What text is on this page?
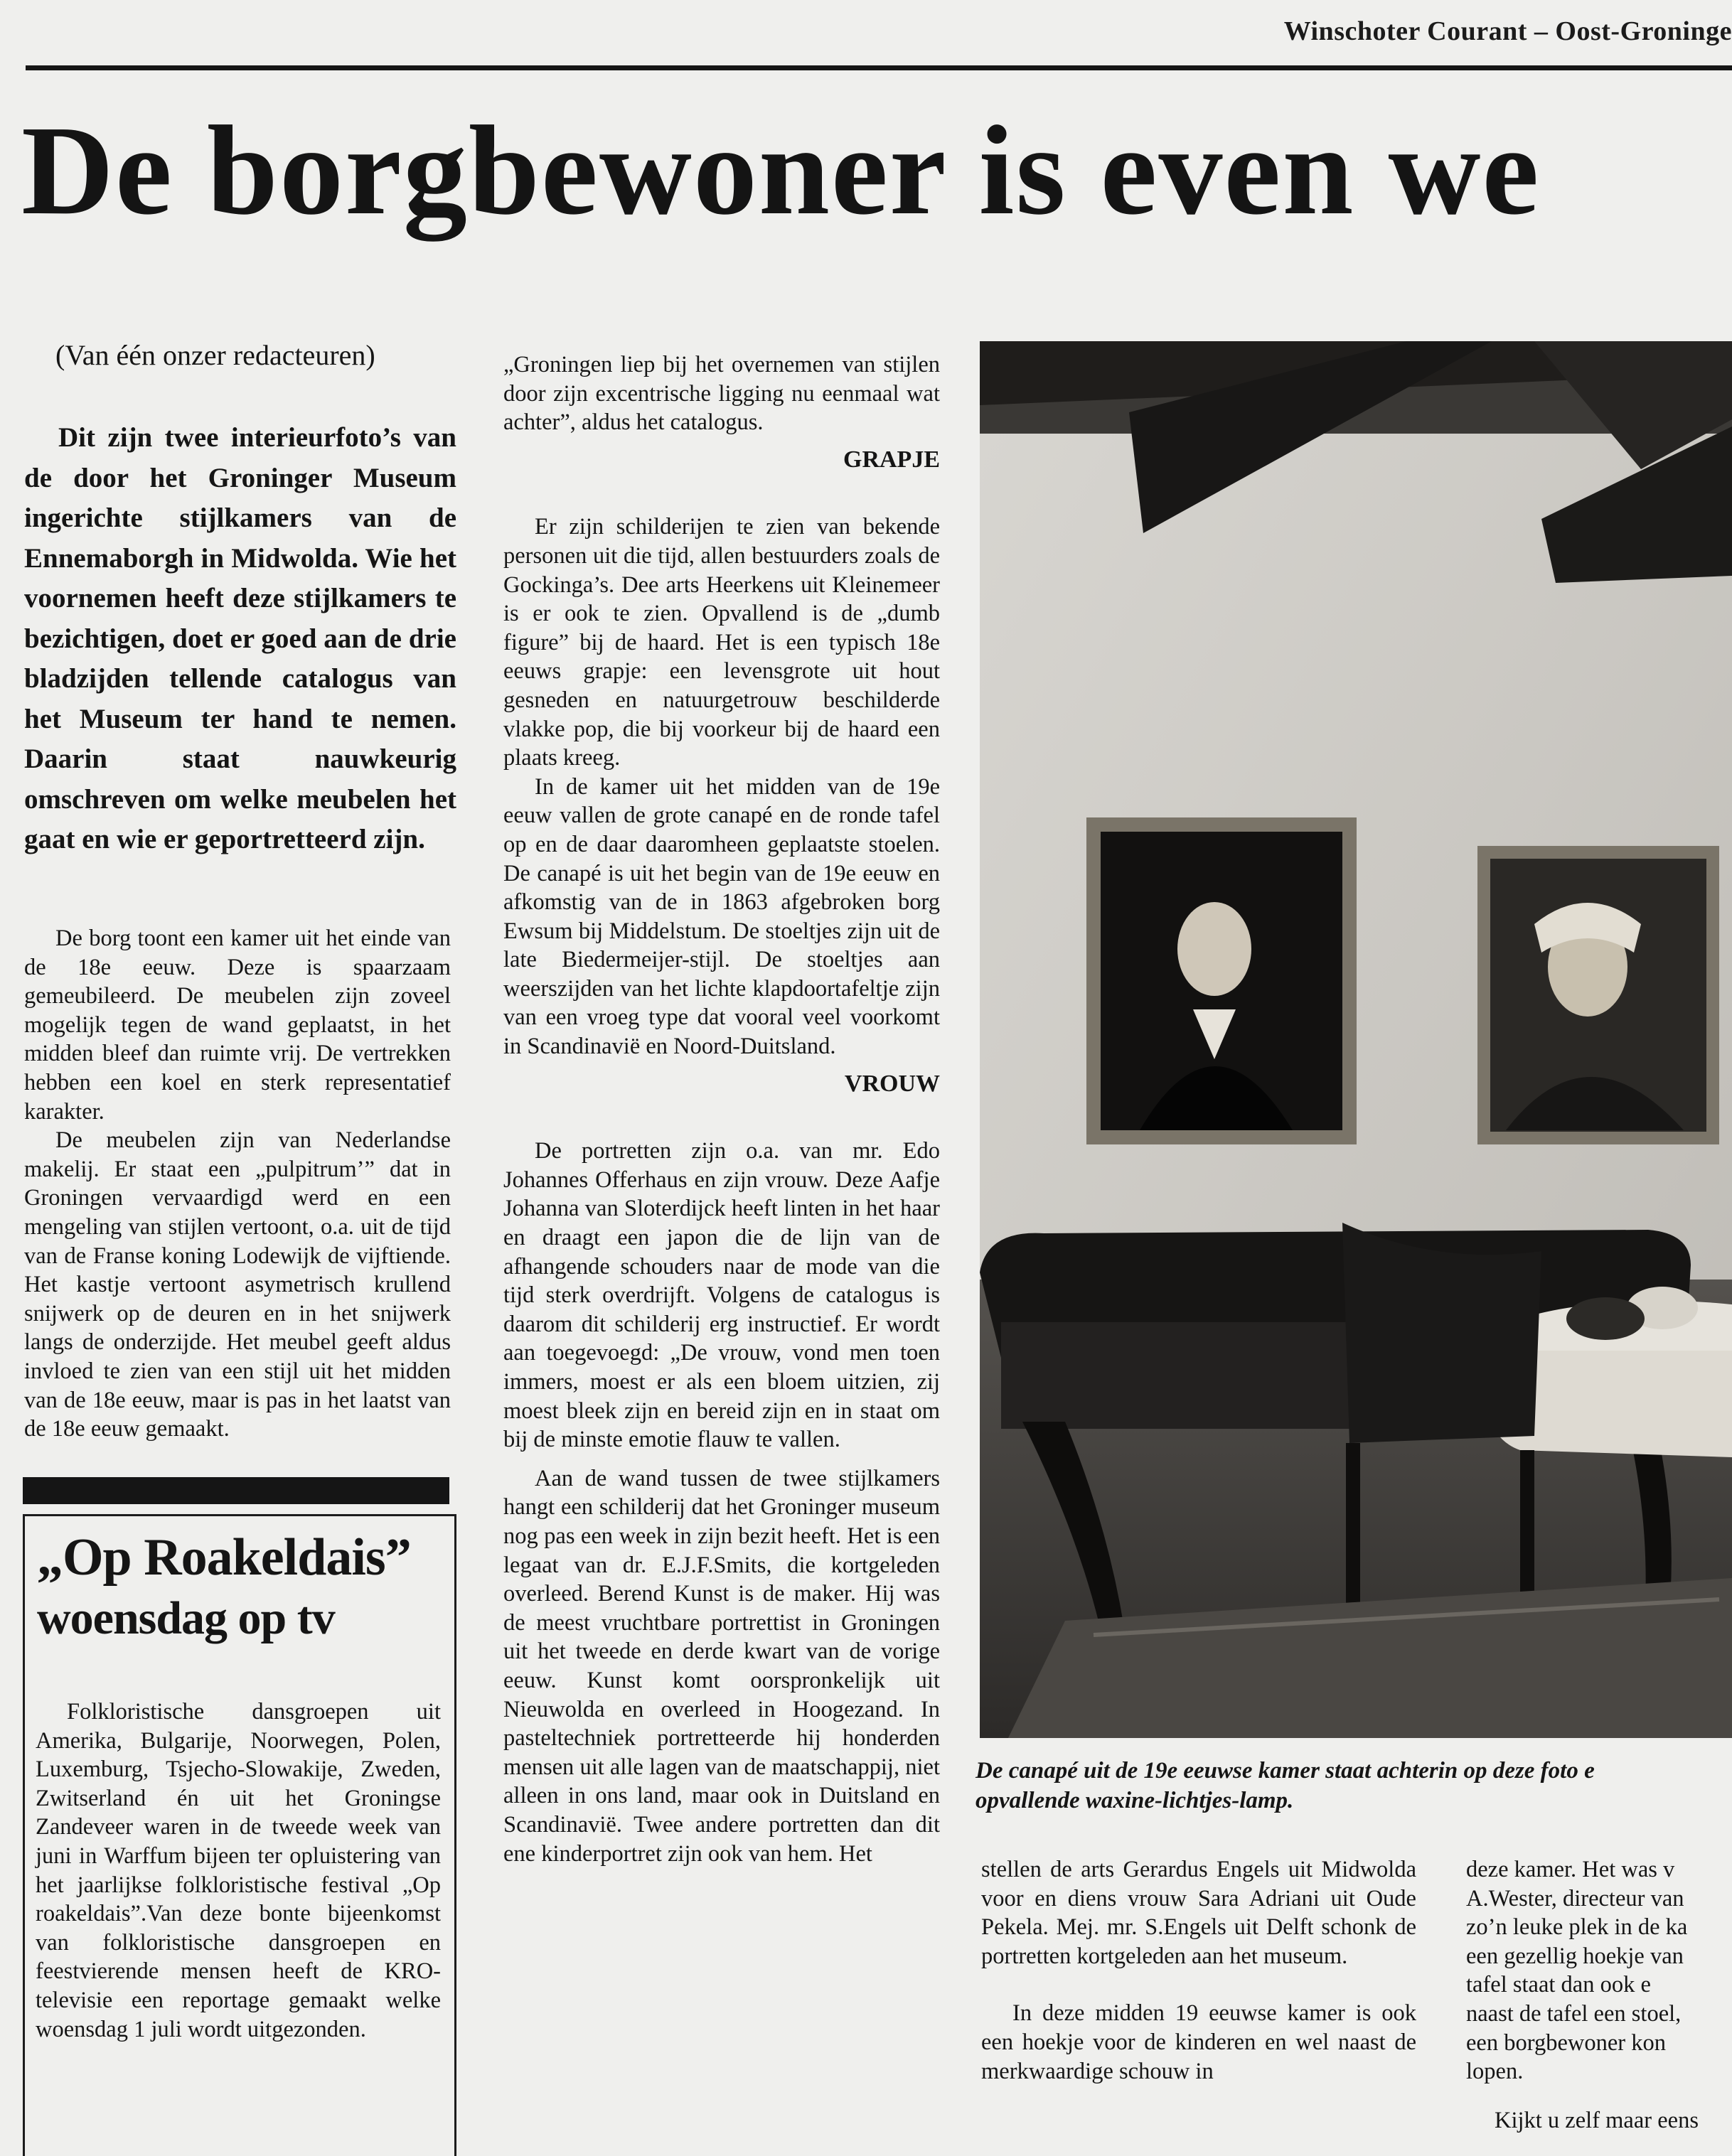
Winschoter Courant – Oost-Groninge
De borgbewoner is even we
(Van één onzer redacteuren)
Dit zijn twee interieurfoto’s van de door het Groninger Museum ingerichte stijlkamers van de Ennemaborgh in Midwolda. Wie het voornemen heeft deze stijlkamers te bezichtigen, doet er goed aan de drie bladzijden tellende catalogus van het Museum ter hand te nemen. Daarin staat nauwkeurig omschreven om welke meubelen het gaat en wie er geportretteerd zijn.

De borg toont een kamer uit het einde van de 18e eeuw. Deze is spaarzaam gemeubileerd. De meubelen zijn zoveel mogelijk tegen de wand geplaatst, in het midden bleef dan ruimte vrij. De vertrekken hebben een koel en sterk representatief karakter.

De meubelen zijn van Nederlandse makelij. Er staat een „pulpitrum’” dat in Groningen vervaardigd werd en een mengeling van stijlen vertoont, o.a. uit de tijd van de Franse koning Lodewijk de vijftiende. Het kastje vertoont asymetrisch krullend snijwerk op de deuren en in het snijwerk langs de onderzijde. Het meubel geeft aldus invloed te zien van een stijl uit het midden van de 18e eeuw, maar is pas in het laatst van de 18e eeuw gemaakt.

„Op Roakeldais”
woensdag op tv

Folkloristische dansgroepen uit Amerika, Bulgarije, Noorwegen, Polen, Luxemburg, Tsjecho-Slowakije, Zweden, Zwitserland én uit het Groningse Zandeveer waren in de tweede week van juni in Warffum bijeen ter opluistering van het jaarlijkse folkloristische festival „Op roakeldais”.Van deze bonte bijeenkomst van folkloristische dansgroepen en feestvierende mensen heeft de KRO-televisie een reportage gemaakt welke woensdag 1 juli wordt uitgezonden.

„Groningen liep bij het overnemen van stijlen door zijn excentrische ligging nu eenmaal wat achter”, aldus het catalogus.

GRAPJE

Er zijn schilderijen te zien van bekende personen uit die tijd, allen bestuurders zoals de Gockinga’s. Dee arts Heerkens uit Kleinemeer is er ook te zien. Opvallend is de „dumb figure” bij de haard. Het is een typisch 18e eeuws grapje: een levensgrote uit hout gesneden en natuurgetrouw beschilderde vlakke pop, die bij voorkeur bij de haard een plaats kreeg.

In de kamer uit het midden van de 19e eeuw vallen de grote canapé en de ronde tafel op en de daar daaromheen geplaatste stoelen. De canapé is uit het begin van de 19e eeuw en afkomstig van de in 1863 afgebroken borg Ewsum bij Middelstum. De stoeltjes zijn uit de late Biedermeijer-stijl. De stoeltjes aan weerszijden van het lichte klapdoortafeltje zijn van een vroeg type dat vooral veel voorkomt in Scandinavië en Noord-Duitsland.

VROUW

De portretten zijn o.a. van mr. Edo Johannes Offerhaus en zijn vrouw. Deze Aafje Johanna van Sloterdijck heeft linten in het haar en draagt een japon die de lijn van de afhangende schouders naar de mode van die tijd sterk overdrijft. Volgens de catalogus is daarom dit schilderij erg instructief. Er wordt aan toegevoegd: „De vrouw, vond men toen immers, moest er als een bloem uitzien, zij moest bleek zijn en bereid zijn en in staat om bij de minste emotie flauw te vallen.

Aan de wand tussen de twee stijlkamers hangt een schilderij dat het Groninger museum nog pas een week in zijn bezit heeft. Het is een legaat van dr. E.J.F.Smits, die kortgeleden overleed. Berend Kunst is de maker. Hij was de meest vruchtbare portrettist in Groningen uit het tweede en derde kwart van de vorige eeuw. Kunst komt oorspronkelijk uit Nieuwolda en overleed in Hoogezand. In pasteltechniek portretteerde hij honderden mensen uit alle lagen van de maatschappij, niet alleen in ons land, maar ook in Duitsland en Scandinavië. Twee andere portretten dan dit ene kinderportret zijn ook van hem. Het

De canapé uit de 19e eeuwse kamer staat achterin op deze foto e
opvallende waxine-lichtjes-lamp.

stellen de arts Gerardus Engels uit Midwolda voor en diens vrouw Sara Adriani uit Oude Pekela. Mej. mr. S.Engels uit Delft schonk de portretten kortgeleden aan het museum.

In deze midden 19 eeuwse kamer is ook een hoekje voor de kinderen en wel naast de merkwaardige schouw in

deze kamer. Het was v
A.Wester, directeur van
zo’n leuke plek in de ka
een gezellig hoekje van
tafel staat dan ook e
naast de tafel een stoel,
een borgbewoner kon
lopen.
Kijkt u zelf maar eens
